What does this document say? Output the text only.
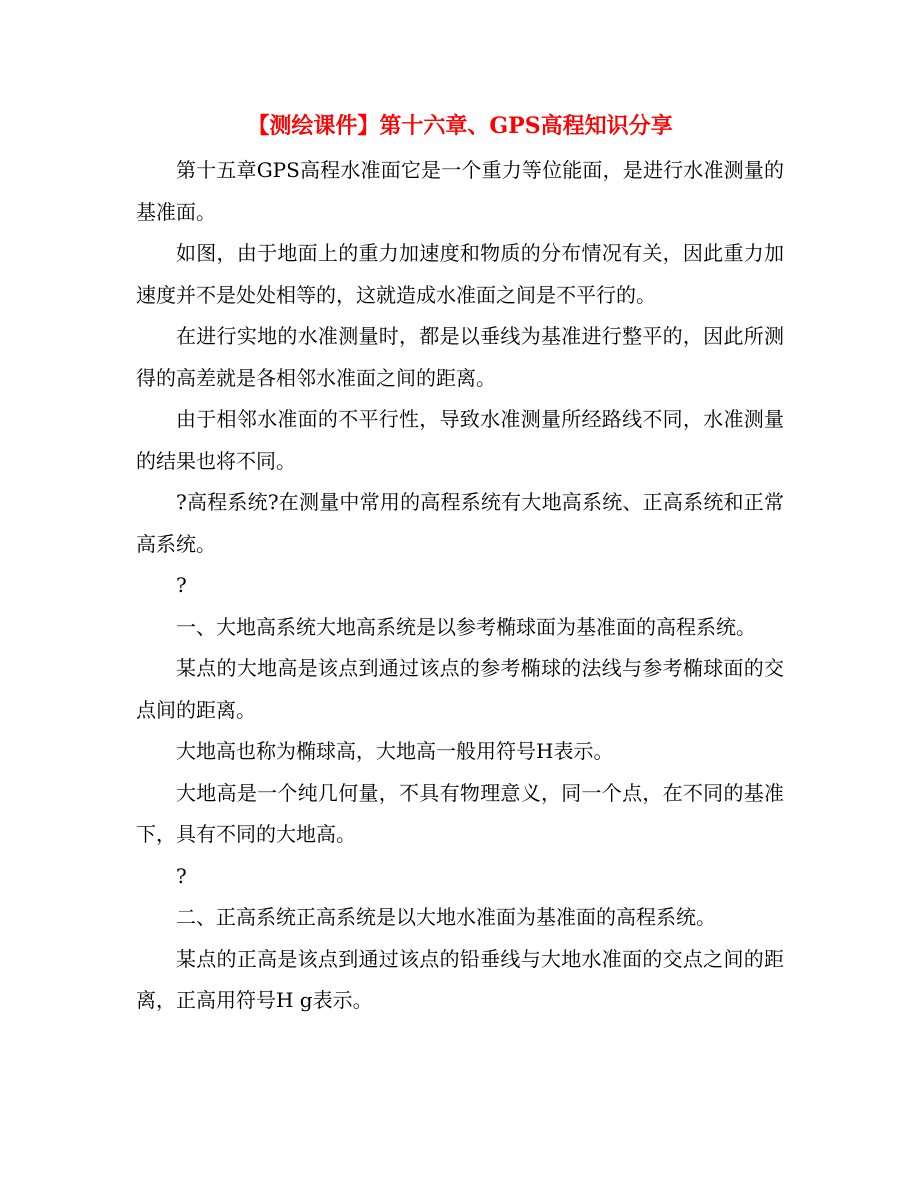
【测绘课件】第十六章、GPS高程知识分享

第十五章GPS高程水准面它是一个重力等位能面，是进行水准测量的基准面。

如图，由于地面上的重力加速度和物质的分布情况有关，因此重力加速度并不是处处相等的，这就造成水准面之间是不平行的。

在进行实地的水准测量时，都是以垂线为基准进行整平的，因此所测得的高差就是各相邻水准面之间的距离。

由于相邻水准面的不平行性，导致水准测量所经路线不同，水准测量的结果也将不同。

?高程系统?在测量中常用的高程系统有大地高系统、正高系统和正常高系统。

?

一、大地高系统大地高系统是以参考椭球面为基准面的高程系统。

某点的大地高是该点到通过该点的参考椭球的法线与参考椭球面的交点间的距离。

大地高也称为椭球高，大地高一般用符号H表示。

大地高是一个纯几何量，不具有物理意义，同一个点，在不同的基准下，具有不同的大地高。

?

二、正高系统正高系统是以大地水准面为基准面的高程系统。

某点的正高是该点到通过该点的铅垂线与大地水准面的交点之间的距离，正高用符号H g表示。
